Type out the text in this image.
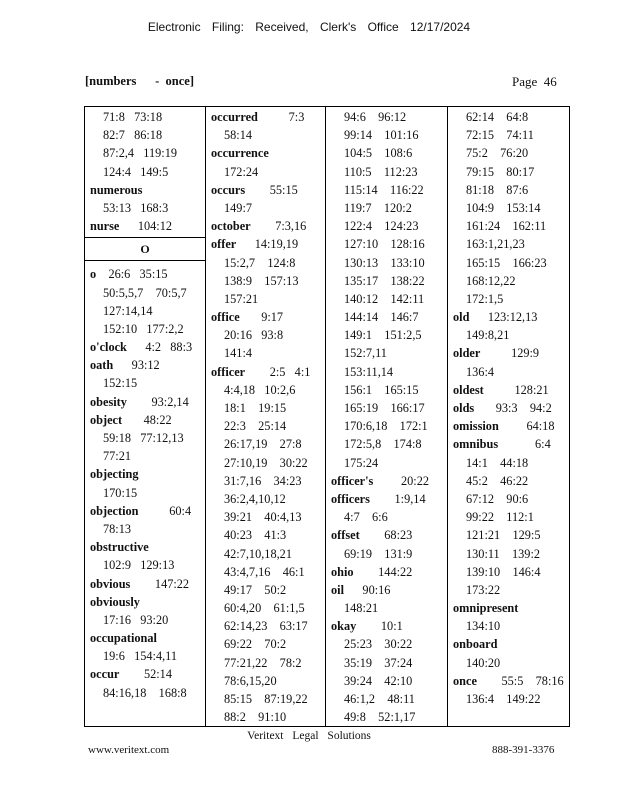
Electronic Filing: Received, Clerk's Office 12/17/2024
[numbers      -  once]	Page  46
71:8   73:18
82:7   86:18
87:2,4   119:19
124:4   149:5
numerous
53:13   168:3
nurse      104:12
O
o    26:6   35:15
50:5,5,7    70:5,7
127:14,14
152:10   177:2,2
o'clock      4:2   88:3
oath      93:12
152:15
obesity        93:2,14
object       48:22
59:18   77:12,13
77:21
objecting
170:15
objection          60:4
78:13
obstructive
102:9   129:13
obvious        147:22
obviously
17:16   93:20
occupational
19:6   154:4,11
occur        52:14
84:16,18    168:8
occurred          7:3
58:14
occurrence
172:24
occurs        55:15
149:7
october        7:3,16
offer      14:19,19
15:2,7    124:8
138:9    157:13
157:21
office       9:17
20:16   93:8
141:4
officer        2:5   4:1
4:4,18   10:2,6
18:1    19:15
22:3    25:14
26:17,19    27:8
27:10,19    30:22
31:7,16    34:23
36:2,4,10,12
39:21    40:4,13
40:23    41:3
42:7,10,18,21
43:4,7,16    46:1
49:17    50:2
60:4,20    61:1,5
62:14,23    63:17
69:22    70:2
77:21,22    78:2
78:6,15,20
85:15    87:19,22
88:2    91:10
94:6    96:12
99:14    101:16
104:5    108:6
110:5    112:23
115:14    116:22
119:7    120:2
122:4    124:23
127:10    128:16
130:13    133:10
135:17    138:22
140:12    142:11
144:14    146:7
149:1    151:2,5
152:7,11
153:11,14
156:1    165:15
165:19    166:17
170:6,18    172:1
172:5,8    174:8
175:24
officer's         20:22
officers        1:9,14
4:7    6:6
offset        68:23
69:19    131:9
ohio        144:22
oil      90:16
148:21
okay        10:1
25:23    30:22
35:19    37:24
39:24    42:10
46:1,2    48:11
49:8    52:1,17
62:14    64:8
72:15    74:11
75:2    76:20
79:15    80:17
81:18    87:6
104:9    153:14
161:24    162:11
163:1,21,23
165:15    166:23
168:12,22
172:1,5
old      123:12,13
149:8,21
older          129:9
136:4
oldest          128:21
olds       93:3    94:2
omission         64:18
omnibus            6:4
14:1    44:18
45:2    46:22
67:12    90:6
99:22    112:1
121:21    129:5
130:11    139:2
139:10    146:4
173:22
omnipresent
134:10
onboard
140:20
once        55:5    78:16
136:4    149:22
Veritext Legal Solutions
www.veritext.com	888-391-3376
